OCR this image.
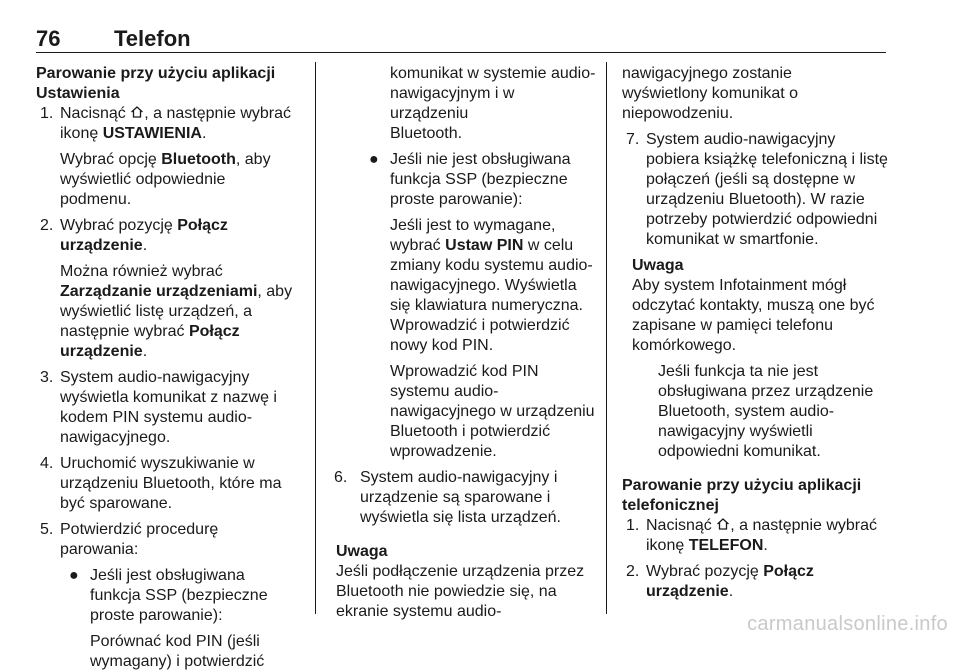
76 Telefon
Parowanie przy użyciu aplikacji
Ustawienia
1. Nacisnąć , a następnie wybrać
ikonę USTAWIENIA.
Wybrać opcję Bluetooth, aby
wyświetlić odpowiednie
podmenu.
2. Wybrać pozycję Połącz
urządzenie.
Można również wybrać
Zarządzanie urządzeniami, aby
wyświetlić listę urządzeń, a
następnie wybrać Połącz
urządzenie.
3. System audio-nawigacyjny
wyświetla komunikat z nazwę i
kodem PIN systemu audio-
nawigacyjnego.
4. Uruchomić wyszukiwanie w
urządzeniu Bluetooth, które ma
być sparowane.
5. Potwierdzić procedurę
parowania:
● Jeśli jest obsługiwana
funkcja SSP (bezpieczne
proste parowanie):
Porównać kod PIN (jeśli
wymagany) i potwierdzić
komunikat w systemie audio-
nawigacyjnym i w urządzeniu
Bluetooth.
● Jeśli nie jest obsługiwana
funkcja SSP (bezpieczne
proste parowanie):
Jeśli jest to wymagane,
wybrać Ustaw PIN w celu
zmiany kodu systemu audio-
nawigacyjnego. Wyświetla
się klawiatura numeryczna.
Wprowadzić i potwierdzić
nowy kod PIN.
Wprowadzić kod PIN
systemu audio-
nawigacyjnego w urządzeniu
Bluetooth i potwierdzić
wprowadzenie.
6. System audio-nawigacyjny i
urządzenie są sparowane i
wyświetla się lista urządzeń.
Uwaga
Jeśli podłączenie urządzenia przez
Bluetooth nie powiedzie się, na
ekranie systemu audio-
nawigacyjnego zostanie
wyświetlony komunikat o
niepowodzeniu.
7. System audio-nawigacyjny
pobiera książkę telefoniczną i listę
połączeń (jeśli są dostępne w
urządzeniu Bluetooth). W razie
potrzeby potwierdzić odpowiedni
komunikat w smartfonie.
Uwaga
Aby system Infotainment mógł
odczytać kontakty, muszą one być
zapisane w pamięci telefonu
komórkowego.
Jeśli funkcja ta nie jest
obsługiwana przez urządzenie
Bluetooth, system audio-
nawigacyjny wyświetli
odpowiedni komunikat.
Parowanie przy użyciu aplikacji
telefonicznej
1. Nacisnąć , a następnie wybrać
ikonę TELEFON.
2. Wybrać pozycję Połącz
urządzenie.
carmanualsonline.info
